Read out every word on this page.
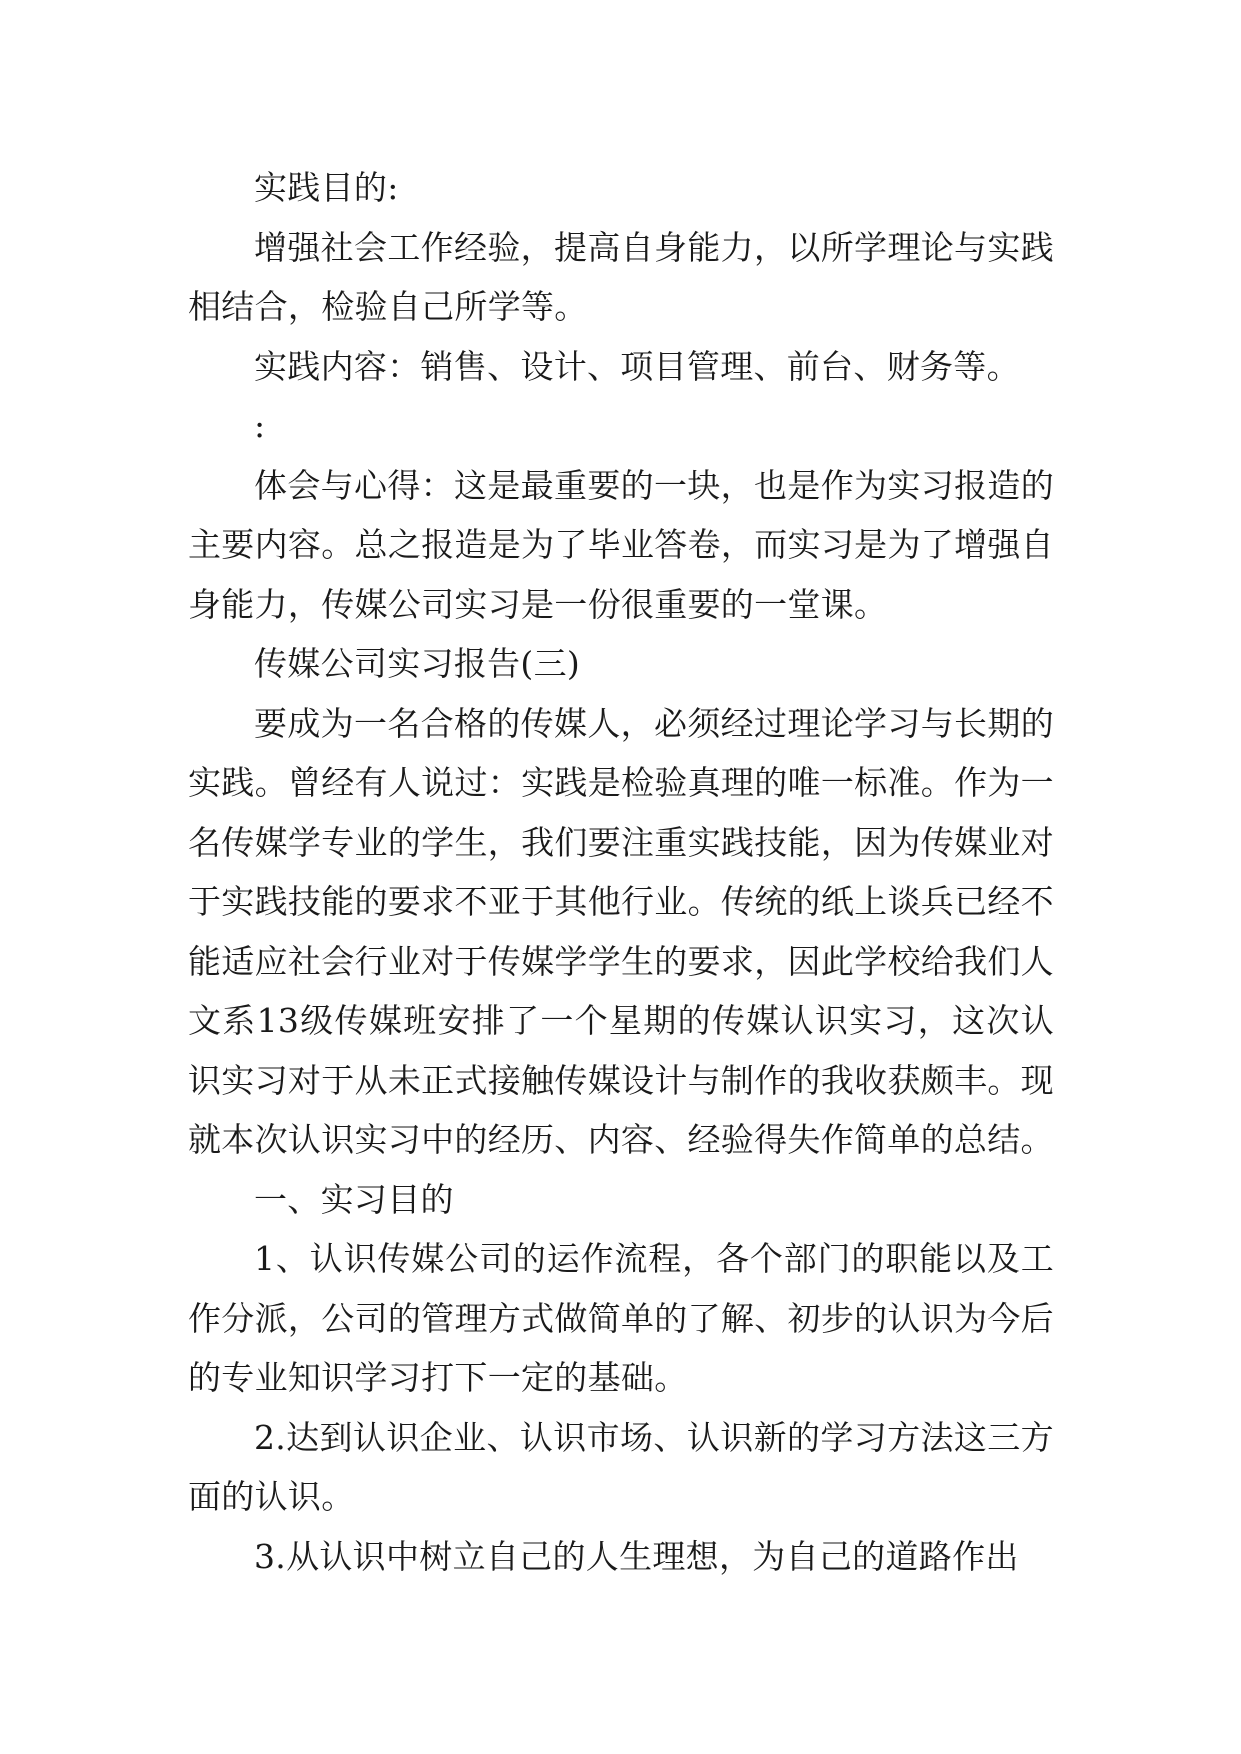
实践目的:

增强社会工作经验，提高自身能力，以所学理论与实践相结合，检验自己所学等。

实践内容：销售、设计、项目管理、前台、财务等。

:

体会与心得：这是最重要的一块，也是作为实习报造的主要内容。总之报造是为了毕业答卷，而实习是为了增强自身能力，传媒公司实习是一份很重要的一堂课。

传媒公司实习报告(三)

要成为一名合格的传媒人，必须经过理论学习与长期的实践。曾经有人说过：实践是检验真理的唯一标准。作为一名传媒学专业的学生，我们要注重实践技能，因为传媒业对于实践技能的要求不亚于其他行业。传统的纸上谈兵已经不能适应社会行业对于传媒学学生的要求，因此学校给我们人文系13级传媒班安排了一个星期的传媒认识实习，这次认识实习对于从未正式接触传媒设计与制作的我收获颇丰。现就本次认识实习中的经历、内容、经验得失作简单的总结。

一、实习目的

1、认识传媒公司的运作流程，各个部门的职能以及工作分派，公司的管理方式做简单的了解、初步的认识为今后的专业知识学习打下一定的基础。

2.达到认识企业、认识市场、认识新的学习方法这三方面的认识。

3.从认识中树立自己的人生理想，为自己的道路作出
